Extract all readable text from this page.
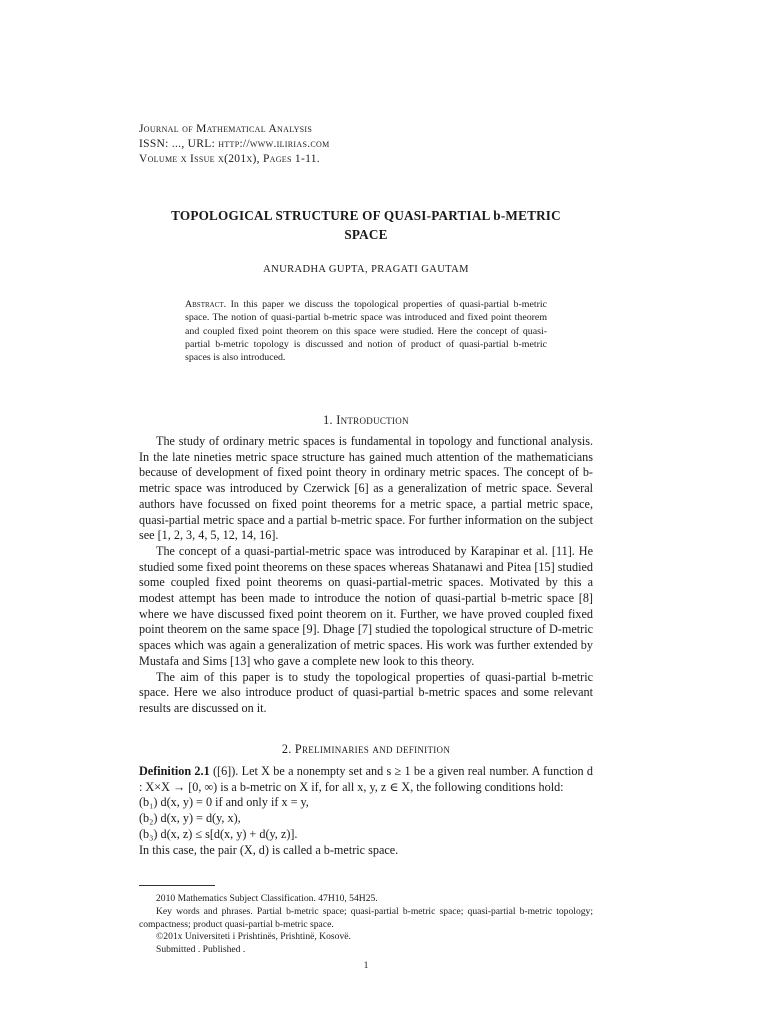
Journal of Mathematical Analysis
ISSN: ..., URL: http://www.ilirias.com
Volume x Issue x(201x), Pages 1-11.
TOPOLOGICAL STRUCTURE OF QUASI-PARTIAL b-METRIC
SPACE
ANURADHA GUPTA, PRAGATI GAUTAM
Abstract. In this paper we discuss the topological properties of quasi-partial b-metric space. The notion of quasi-partial b-metric space was introduced and fixed point theorem and coupled fixed point theorem on this space were studied. Here the concept of quasi-partial b-metric topology is discussed and notion of product of quasi-partial b-metric spaces is also introduced.
1. Introduction

The study of ordinary metric spaces is fundamental in topology and functional analysis. In the late nineties metric space structure has gained much attention of the mathematicians because of development of fixed point theory in ordinary metric spaces. The concept of b-metric space was introduced by Czerwick [6] as a generalization of metric space. Several authors have focussed on fixed point theorems for a metric space, a partial metric space, quasi-partial metric space and a partial b-metric space. For further information on the subject see [1, 2, 3, 4, 5, 12, 14, 16].

The concept of a quasi-partial-metric space was introduced by Karapinar et al. [11]. He studied some fixed point theorems on these spaces whereas Shatanawi and Pitea [15] studied some coupled fixed point theorems on quasi-partial-metric spaces. Motivated by this a modest attempt has been made to introduce the notion of quasi-partial b-metric space [8] where we have discussed fixed point theorem on it. Further, we have proved coupled fixed point theorem on the same space [9]. Dhage [7] studied the topological structure of D-metric spaces which was again a generalization of metric spaces. His work was further extended by Mustafa and Sims [13] who gave a complete new look to this theory.

The aim of this paper is to study the topological properties of quasi-partial b-metric space. Here we also introduce product of quasi-partial b-metric spaces and some relevant results are discussed on it.

2. Preliminaries and definition

Definition 2.1 ([6]). Let X be a nonempty set and s ≥ 1 be a given real number. A function d : X×X → [0, ∞) is a b-metric on X if, for all x, y, z ∈ X, the following conditions hold:

(b₁) d(x, y) = 0 if and only if x = y,

(b₂) d(x, y) = d(y, x),

(b₃) d(x, z) ≤ s[d(x, y) + d(y, z)].

In this case, the pair (X, d) is called a b-metric space.

2010 Mathematics Subject Classification. 47H10, 54H25.

Key words and phrases. Partial b-metric space; quasi-partial b-metric space; quasi-partial b-metric topology; compactness; product quasi-partial b-metric space.

©201x Universiteti i Prishtinës, Prishtinë, Kosovë.

Submitted . Published .

1
